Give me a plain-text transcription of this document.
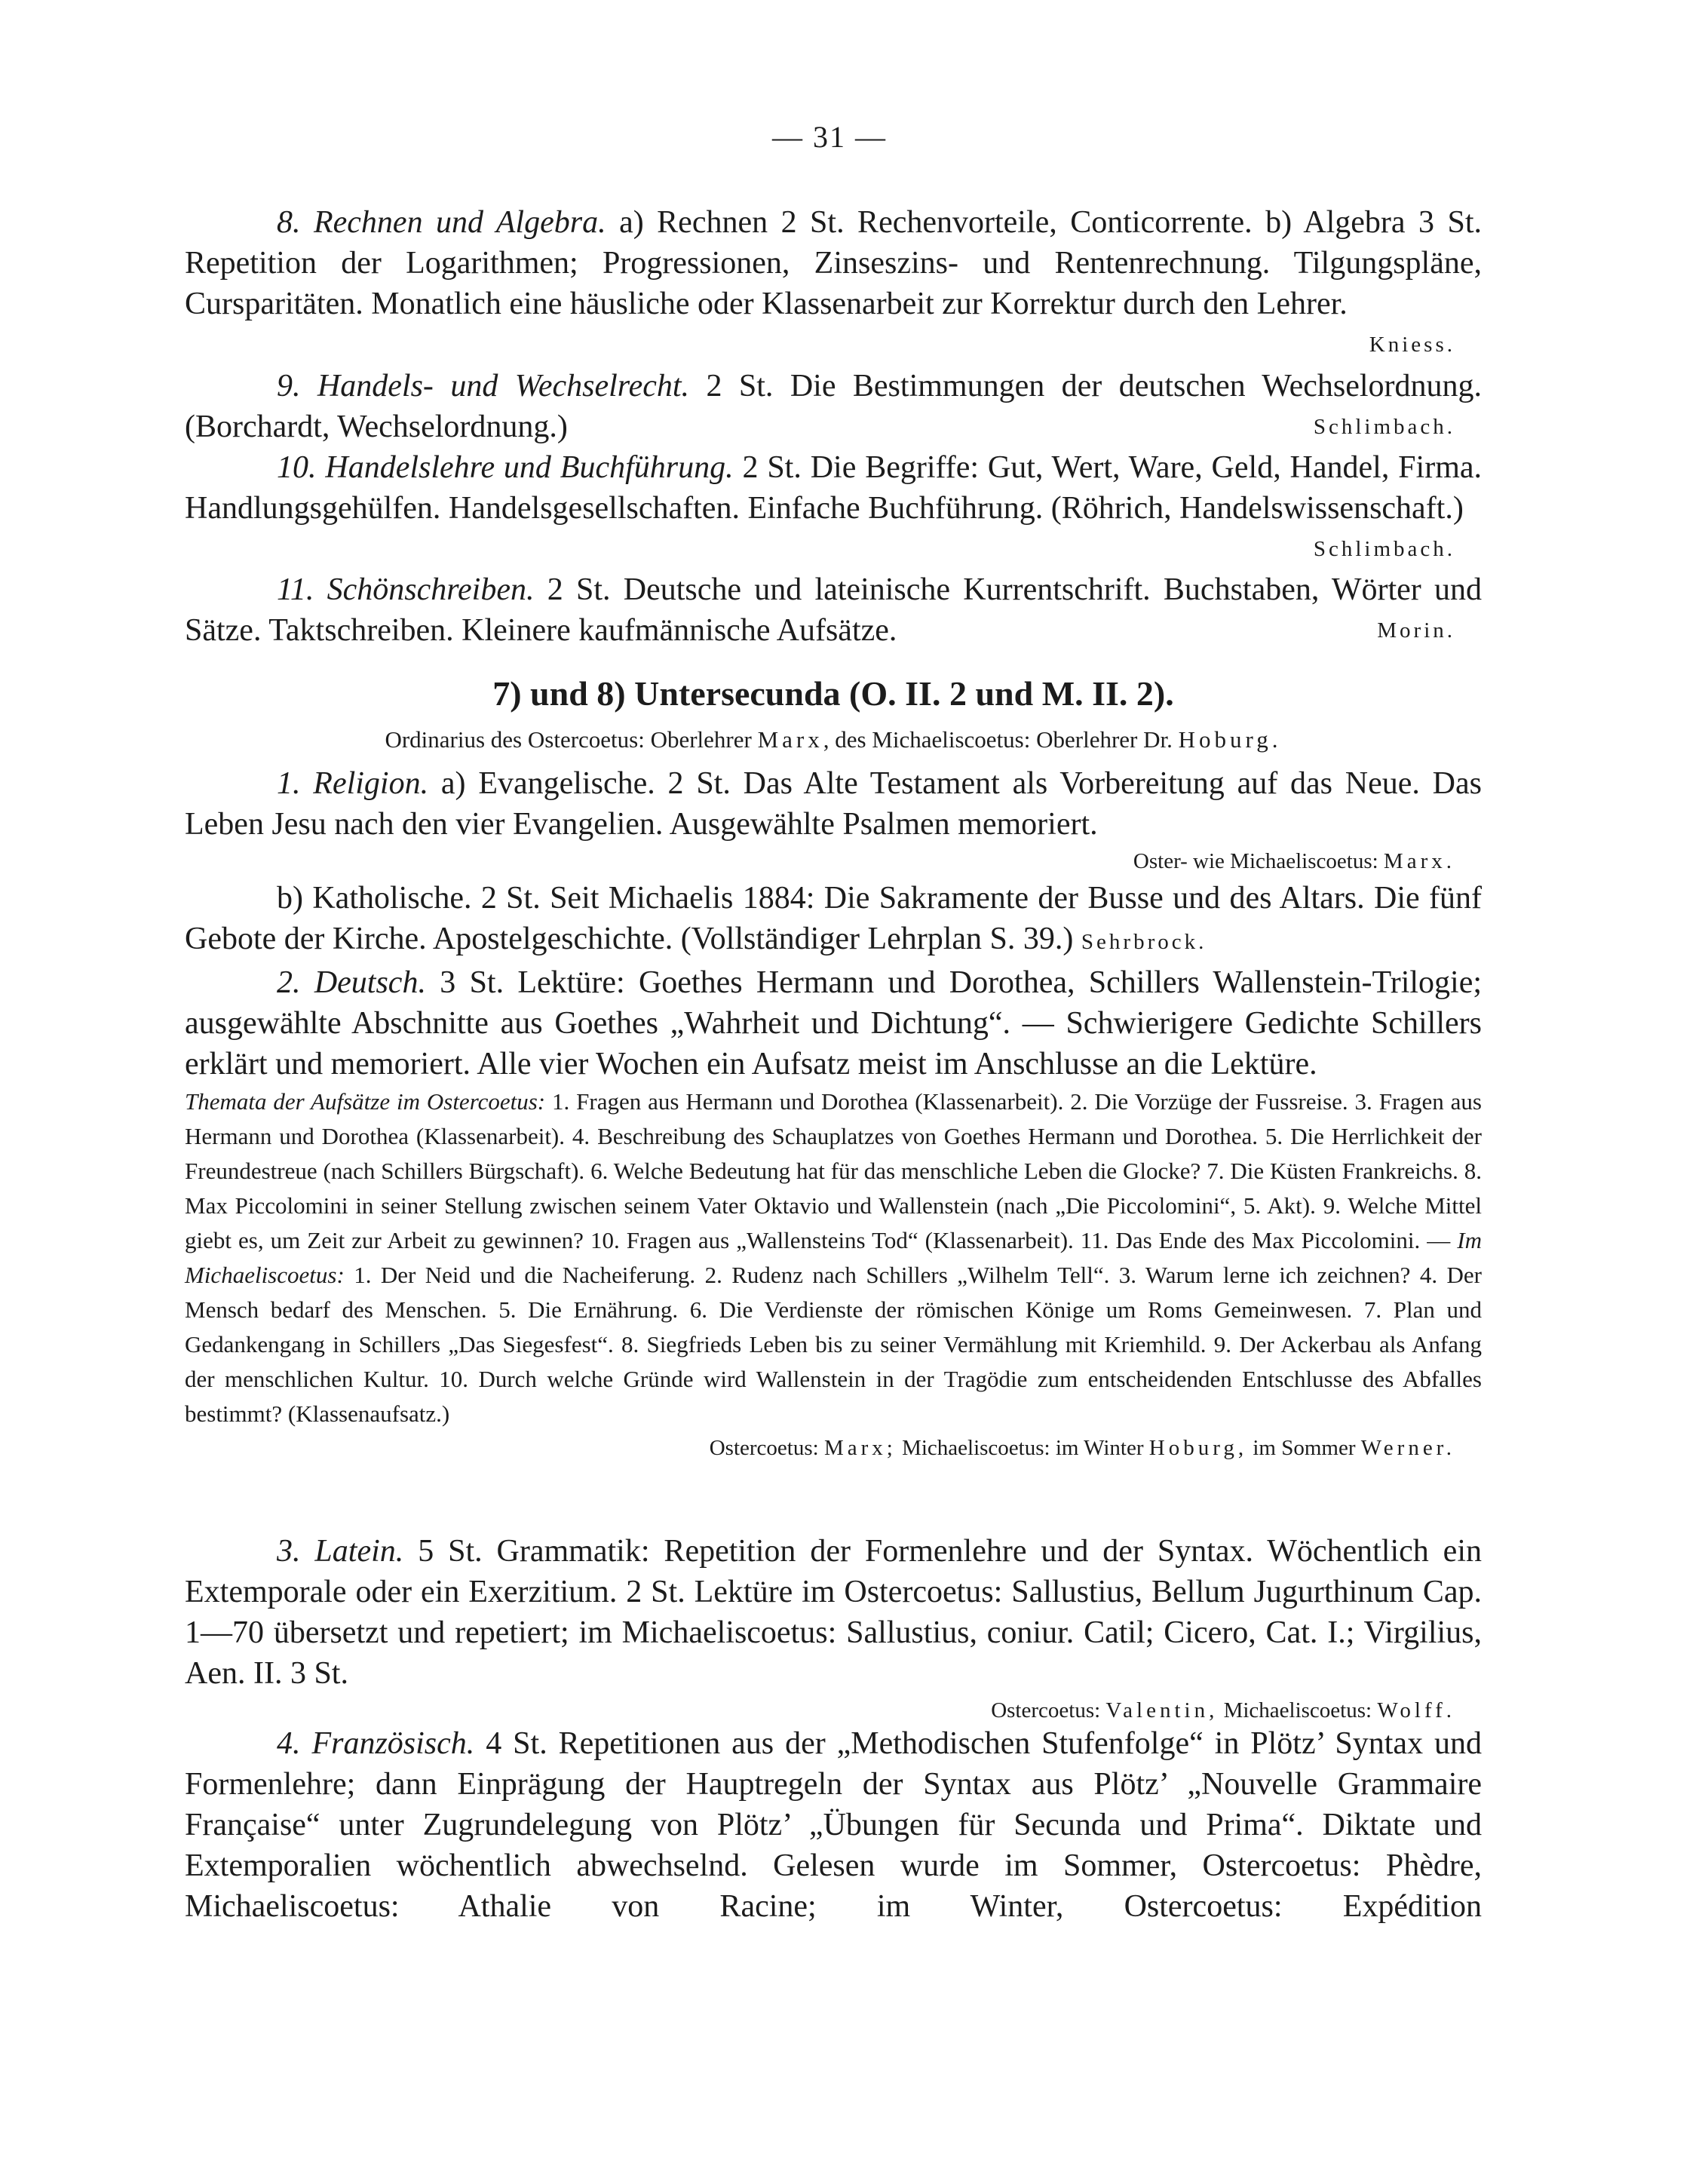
— 31 —

8. Rechnen und Algebra. a) Rechnen 2 St. Rechenvorteile, Conticorrente. b) Algebra 3 St. Repetition der Logarithmen; Progressionen, Zinseszins- und Rentenrechnung. Tilgungspläne, Cursparitäten. Monatlich eine häusliche oder Klassenarbeit zur Korrektur durch den Lehrer.
Kniess.

9. Handels- und Wechselrecht. 2 St. Die Bestimmungen der deutschen Wechselordnung. (Borchardt, Wechselordnung.)	Schlimbach.

10. Handelslehre und Buchführung. 2 St. Die Begriffe: Gut, Wert, Ware, Geld, Handel, Firma. Handlungsgehülfen. Handelsgesellschaften. Einfache Buchführung. (Röhrich, Handelswissenschaft.)
Schlimbach.

11. Schönschreiben. 2 St. Deutsche und lateinische Kurrentschrift. Buchstaben, Wörter und Sätze. Taktschreiben. Kleinere kaufmännische Aufsätze.	Morin.

7) und 8) Untersecunda (O. II. 2 und M. II. 2).

Ordinarius des Ostercoetus: Oberlehrer Marx, des Michaeliscoetus: Oberlehrer Dr. Hoburg.

1. Religion. a) Evangelische. 2 St. Das Alte Testament als Vorbereitung auf das Neue. Das Leben Jesu nach den vier Evangelien. Ausgewählte Psalmen memoriert.

Oster- wie Michaeliscoetus: Marx.

b) Katholische. 2 St. Seit Michaelis 1884: Die Sakramente der Busse und des Altars. Die fünf Gebote der Kirche. Apostelgeschichte. (Vollständiger Lehrplan S. 39.) Sehrbrock.

2. Deutsch. 3 St. Lektüre: Goethes Hermann und Dorothea, Schillers Wallenstein-Trilogie; ausgewählte Abschnitte aus Goethes „Wahrheit und Dichtung“. — Schwierigere Gedichte Schillers erklärt und memoriert. Alle vier Wochen ein Aufsatz meist im Anschlusse an die Lektüre.

Themata der Aufsätze im Ostercoetus: 1. Fragen aus Hermann und Dorothea (Klassenarbeit). 2. Die Vorzüge der Fussreise. 3. Fragen aus Hermann und Dorothea (Klassenarbeit). 4. Beschreibung des Schauplatzes von Goethes Hermann und Dorothea. 5. Die Herrlichkeit der Freundestreue (nach Schillers Bürgschaft). 6. Welche Bedeutung hat für das menschliche Leben die Glocke? 7. Die Küsten Frankreichs. 8. Max Piccolomini in seiner Stellung zwischen seinem Vater Oktavio und Wallenstein (nach „Die Piccolomini“, 5. Akt). 9. Welche Mittel giebt es, um Zeit zur Arbeit zu gewinnen? 10. Fragen aus „Wallensteins Tod“ (Klassenarbeit). 11. Das Ende des Max Piccolomini. — Im Michaeliscoetus: 1. Der Neid und die Nacheiferung. 2. Rudenz nach Schillers „Wilhelm Tell“. 3. Warum lerne ich zeichnen? 4. Der Mensch bedarf des Menschen. 5. Die Ernährung. 6. Die Verdienste der römischen Könige um Roms Gemeinwesen. 7. Plan und Gedankengang in Schillers „Das Siegesfest“. 8. Siegfrieds Leben bis zu seiner Vermählung mit Kriemhild. 9. Der Ackerbau als Anfang der menschlichen Kultur. 10. Durch welche Gründe wird Wallenstein in der Tragödie zum entscheidenden Entschlusse des Abfalles bestimmt? (Klassenaufsatz.)

Ostercoetus: Marx; Michaeliscoetus: im Winter Hoburg, im Sommer Werner.

3. Latein. 5 St. Grammatik: Repetition der Formenlehre und der Syntax. Wöchentlich ein Extemporale oder ein Exerzitium. 2 St. Lektüre im Ostercoetus: Sallustius, Bellum Jugurthinum Cap. 1—70 übersetzt und repetiert; im Michaeliscoetus: Sallustius, coniur. Catil; Cicero, Cat. I.; Virgilius, Aen. II. 3 St.

Ostercoetus: Valentin, Michaeliscoetus: Wolff.

4. Französisch. 4 St. Repetitionen aus der „Methodischen Stufenfolge“ in Plötz’ Syntax und Formenlehre; dann Einprägung der Hauptregeln der Syntax aus Plötz’ „Nouvelle Grammaire Française“ unter Zugrundelegung von Plötz’ „Übungen für Secunda und Prima“. Diktate und Extemporalien wöchentlich abwechselnd. Gelesen wurde im Sommer, Ostercoetus: Phèdre, Michaeliscoetus: Athalie von Racine; im Winter, Ostercoetus: Expédition
